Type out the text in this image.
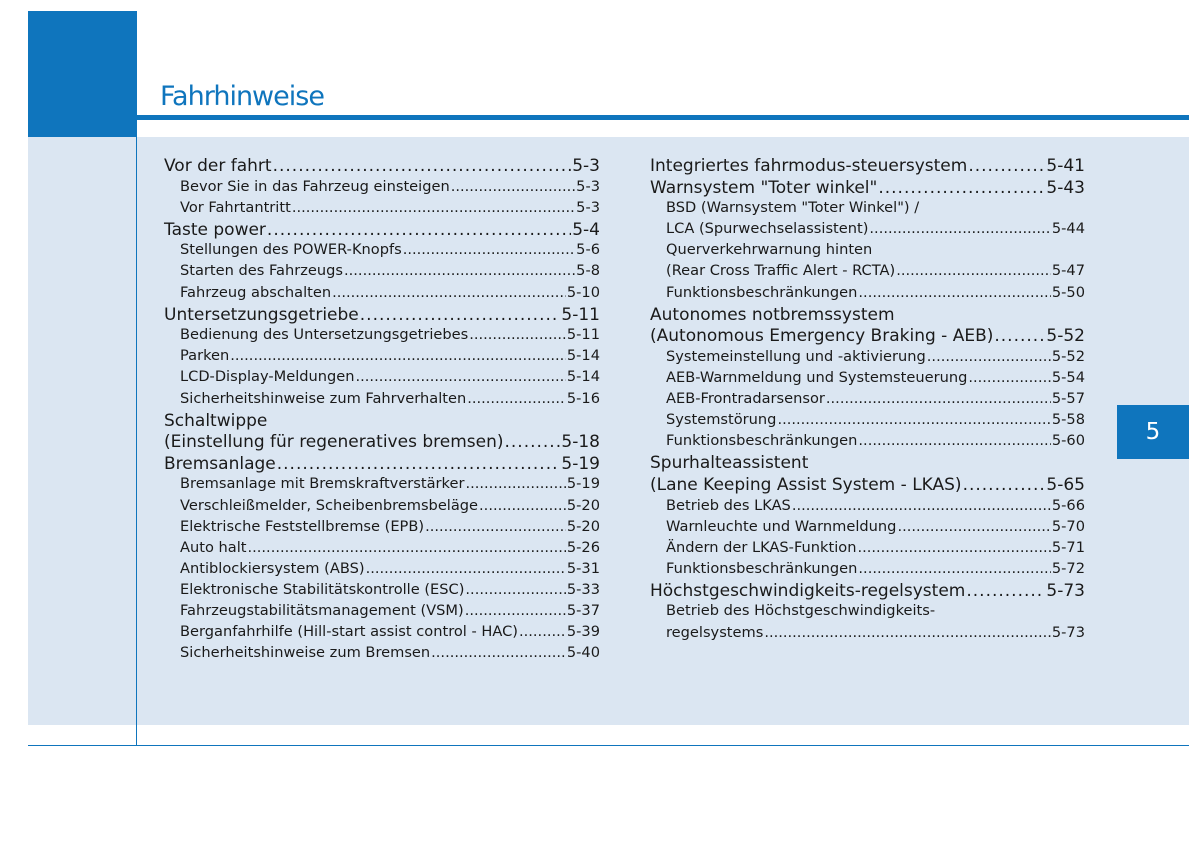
Fahrhinweise
5
Vor der fahrt .....	5-3
Bevor Sie in das Fahrzeug einsteigen .....	5-3
Vor Fahrtantritt .....	5-3
Taste power .....	5-4
Stellungen des POWER-Knopfs .....	5-6
Starten des Fahrzeugs .....	5-8
Fahrzeug abschalten .....	5-10
Untersetzungsgetriebe .....	5-11
Bedienung des Untersetzungsgetriebes .....	5-11
Parken .....	5-14
LCD-Display-Meldungen .....	5-14
Sicherheitshinweise zum Fahrverhalten .....	5-16
Schaltwippe
(Einstellung für regeneratives bremsen) .....	5-18
Bremsanlage .....	5-19
Bremsanlage mit Bremskraftverstärker .....	5-19
Verschleißmelder, Scheibenbremsbeläge .....	5-20
Elektrische Feststellbremse (EPB) .....	5-20
Auto halt .....	5-26
Antiblockiersystem (ABS) .....	5-31
Elektronische Stabilitätskontrolle (ESC) .....	5-33
Fahrzeugstabilitätsmanagement (VSM) .....	5-37
Berganfahrhilfe (Hill-start assist control - HAC) .....	5-39
Sicherheitshinweise zum Bremsen .....	5-40
Integriertes fahrmodus-steuersystem .....	5-41
Warnsystem "Toter winkel" .....	5-43
BSD (Warnsystem "Toter Winkel") /
LCA (Spurwechselassistent) .....	5-44
Querverkehrwarnung hinten
(Rear Cross Traffic Alert - RCTA) .....	5-47
Funktionsbeschränkungen .....	5-50
Autonomes notbremssystem
(Autonomous Emergency Braking - AEB) .....	5-52
Systemeinstellung und -aktivierung .....	5-52
AEB-Warnmeldung und Systemsteuerung .....	5-54
AEB-Frontradarsensor .....	5-57
Systemstörung .....	5-58
Funktionsbeschränkungen .....	5-60
Spurhalteassistent
(Lane Keeping Assist System - LKAS) .....	5-65
Betrieb des LKAS .....	5-66
Warnleuchte und Warnmeldung .....	5-70
Ändern der LKAS-Funktion .....	5-71
Funktionsbeschränkungen .....	5-72
Höchstgeschwindigkeits-regelsystem .....	5-73
Betrieb des Höchstgeschwindigkeits-
regelsystems .....	5-73
